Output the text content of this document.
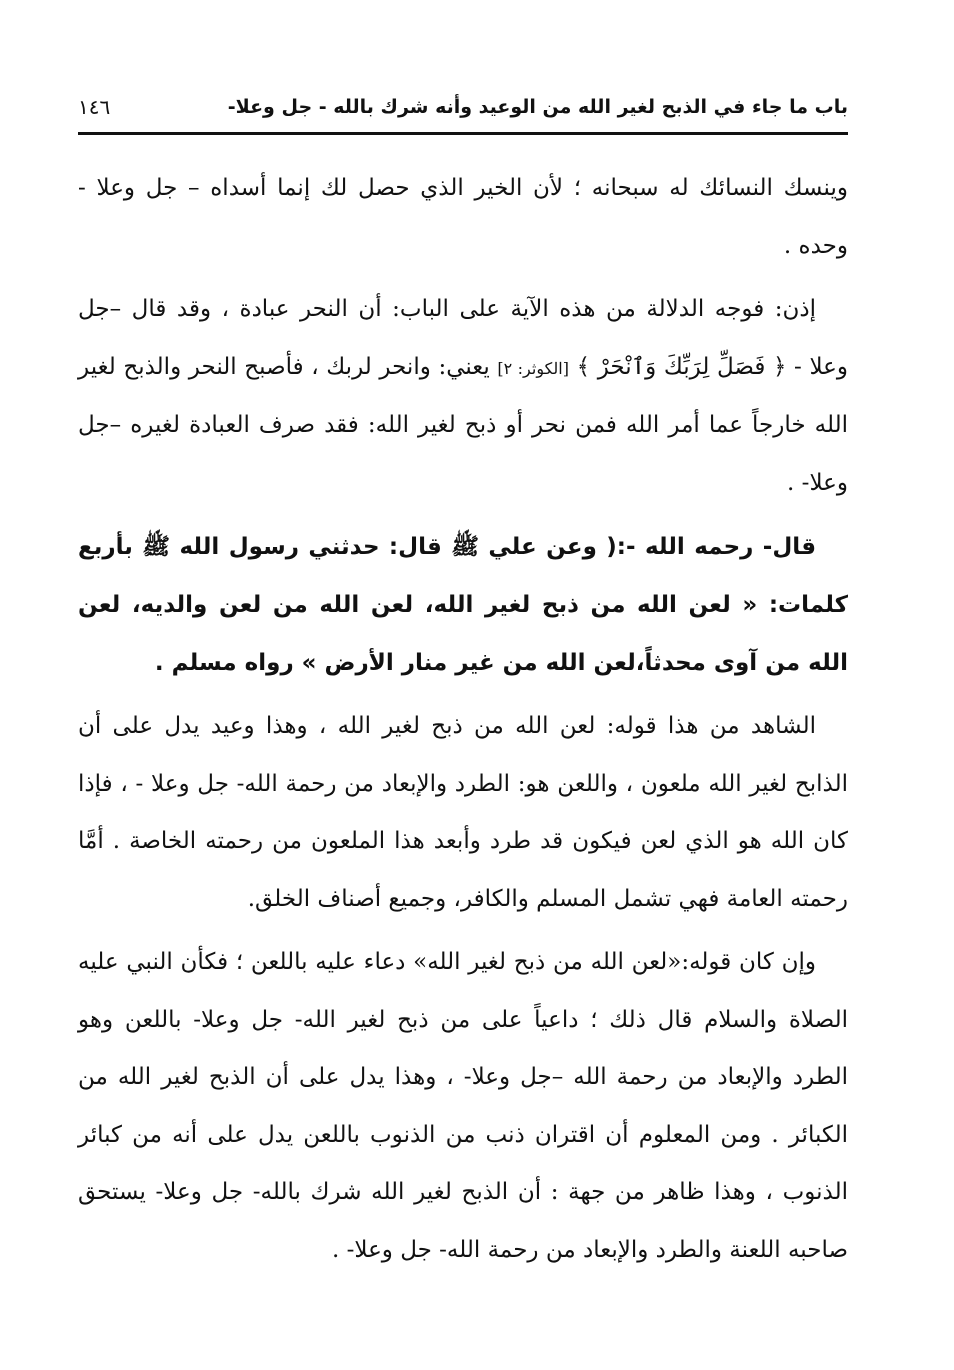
باب ما جاء في الذبح لغير الله من الوعيد وأنه شرك بالله - جل وعلا-
١٤٦

وينسك النسائك له سبحانه ؛ لأن الخير الذي حصل لك إنما أسداه – جل وعلا - وحده .

إذن: فوجه الدلالة من هذه الآية على الباب: أن النحر عبادة ، وقد قال –جل وعلا - ﴿ فَصَلِّ لِرَبِّكَ وَٱنْحَرْ ﴾ [الكوثر: ٢] يعني: وانحر لربك ، فأصبح النحر والذبح لغير الله خارجاً عما أمر الله فمن نحر أو ذبح لغير الله: فقد صرف العبادة لغيره –جل وعلا- .

قال- رحمه الله -:( وعن علي ﷺ قال: حدثني رسول الله ﷺ بأربع كلمات: « لعن الله من ذبح لغير الله، لعن الله من لعن والديه، لعن الله من آوى محدثاً،لعن الله من غير منار الأرض » رواه مسلم .

الشاهد من هذا قوله: لعن الله من ذبح لغير الله ، وهذا وعيد يدل على أن الذابح لغير الله ملعون ، واللعن هو: الطرد والإبعاد من رحمة الله- جل وعلا - ، فإذا كان الله هو الذي لعن فيكون قد طرد وأبعد هذا الملعون من رحمته الخاصة . أمَّا رحمته العامة فهي تشمل المسلم والكافر، وجميع أصناف الخلق.

وإن كان قوله:«لعن الله من ذبح لغير الله» دعاء عليه باللعن ؛ فكأن النبي عليه الصلاة والسلام قال ذلك ؛ داعياً على من ذبح لغير الله- جل وعلا- باللعن وهو الطرد والإبعاد من رحمة الله –جل وعلا- ، وهذا يدل على أن الذبح لغير الله من الكبائر . ومن المعلوم أن اقتران ذنب من الذنوب باللعن يدل على أنه من كبائر الذنوب ، وهذا ظاهر من جهة : أن الذبح لغير الله شرك بالله- جل وعلا- يستحق صاحبه اللعنة والطرد والإبعاد من رحمة الله- جل وعلا- .
